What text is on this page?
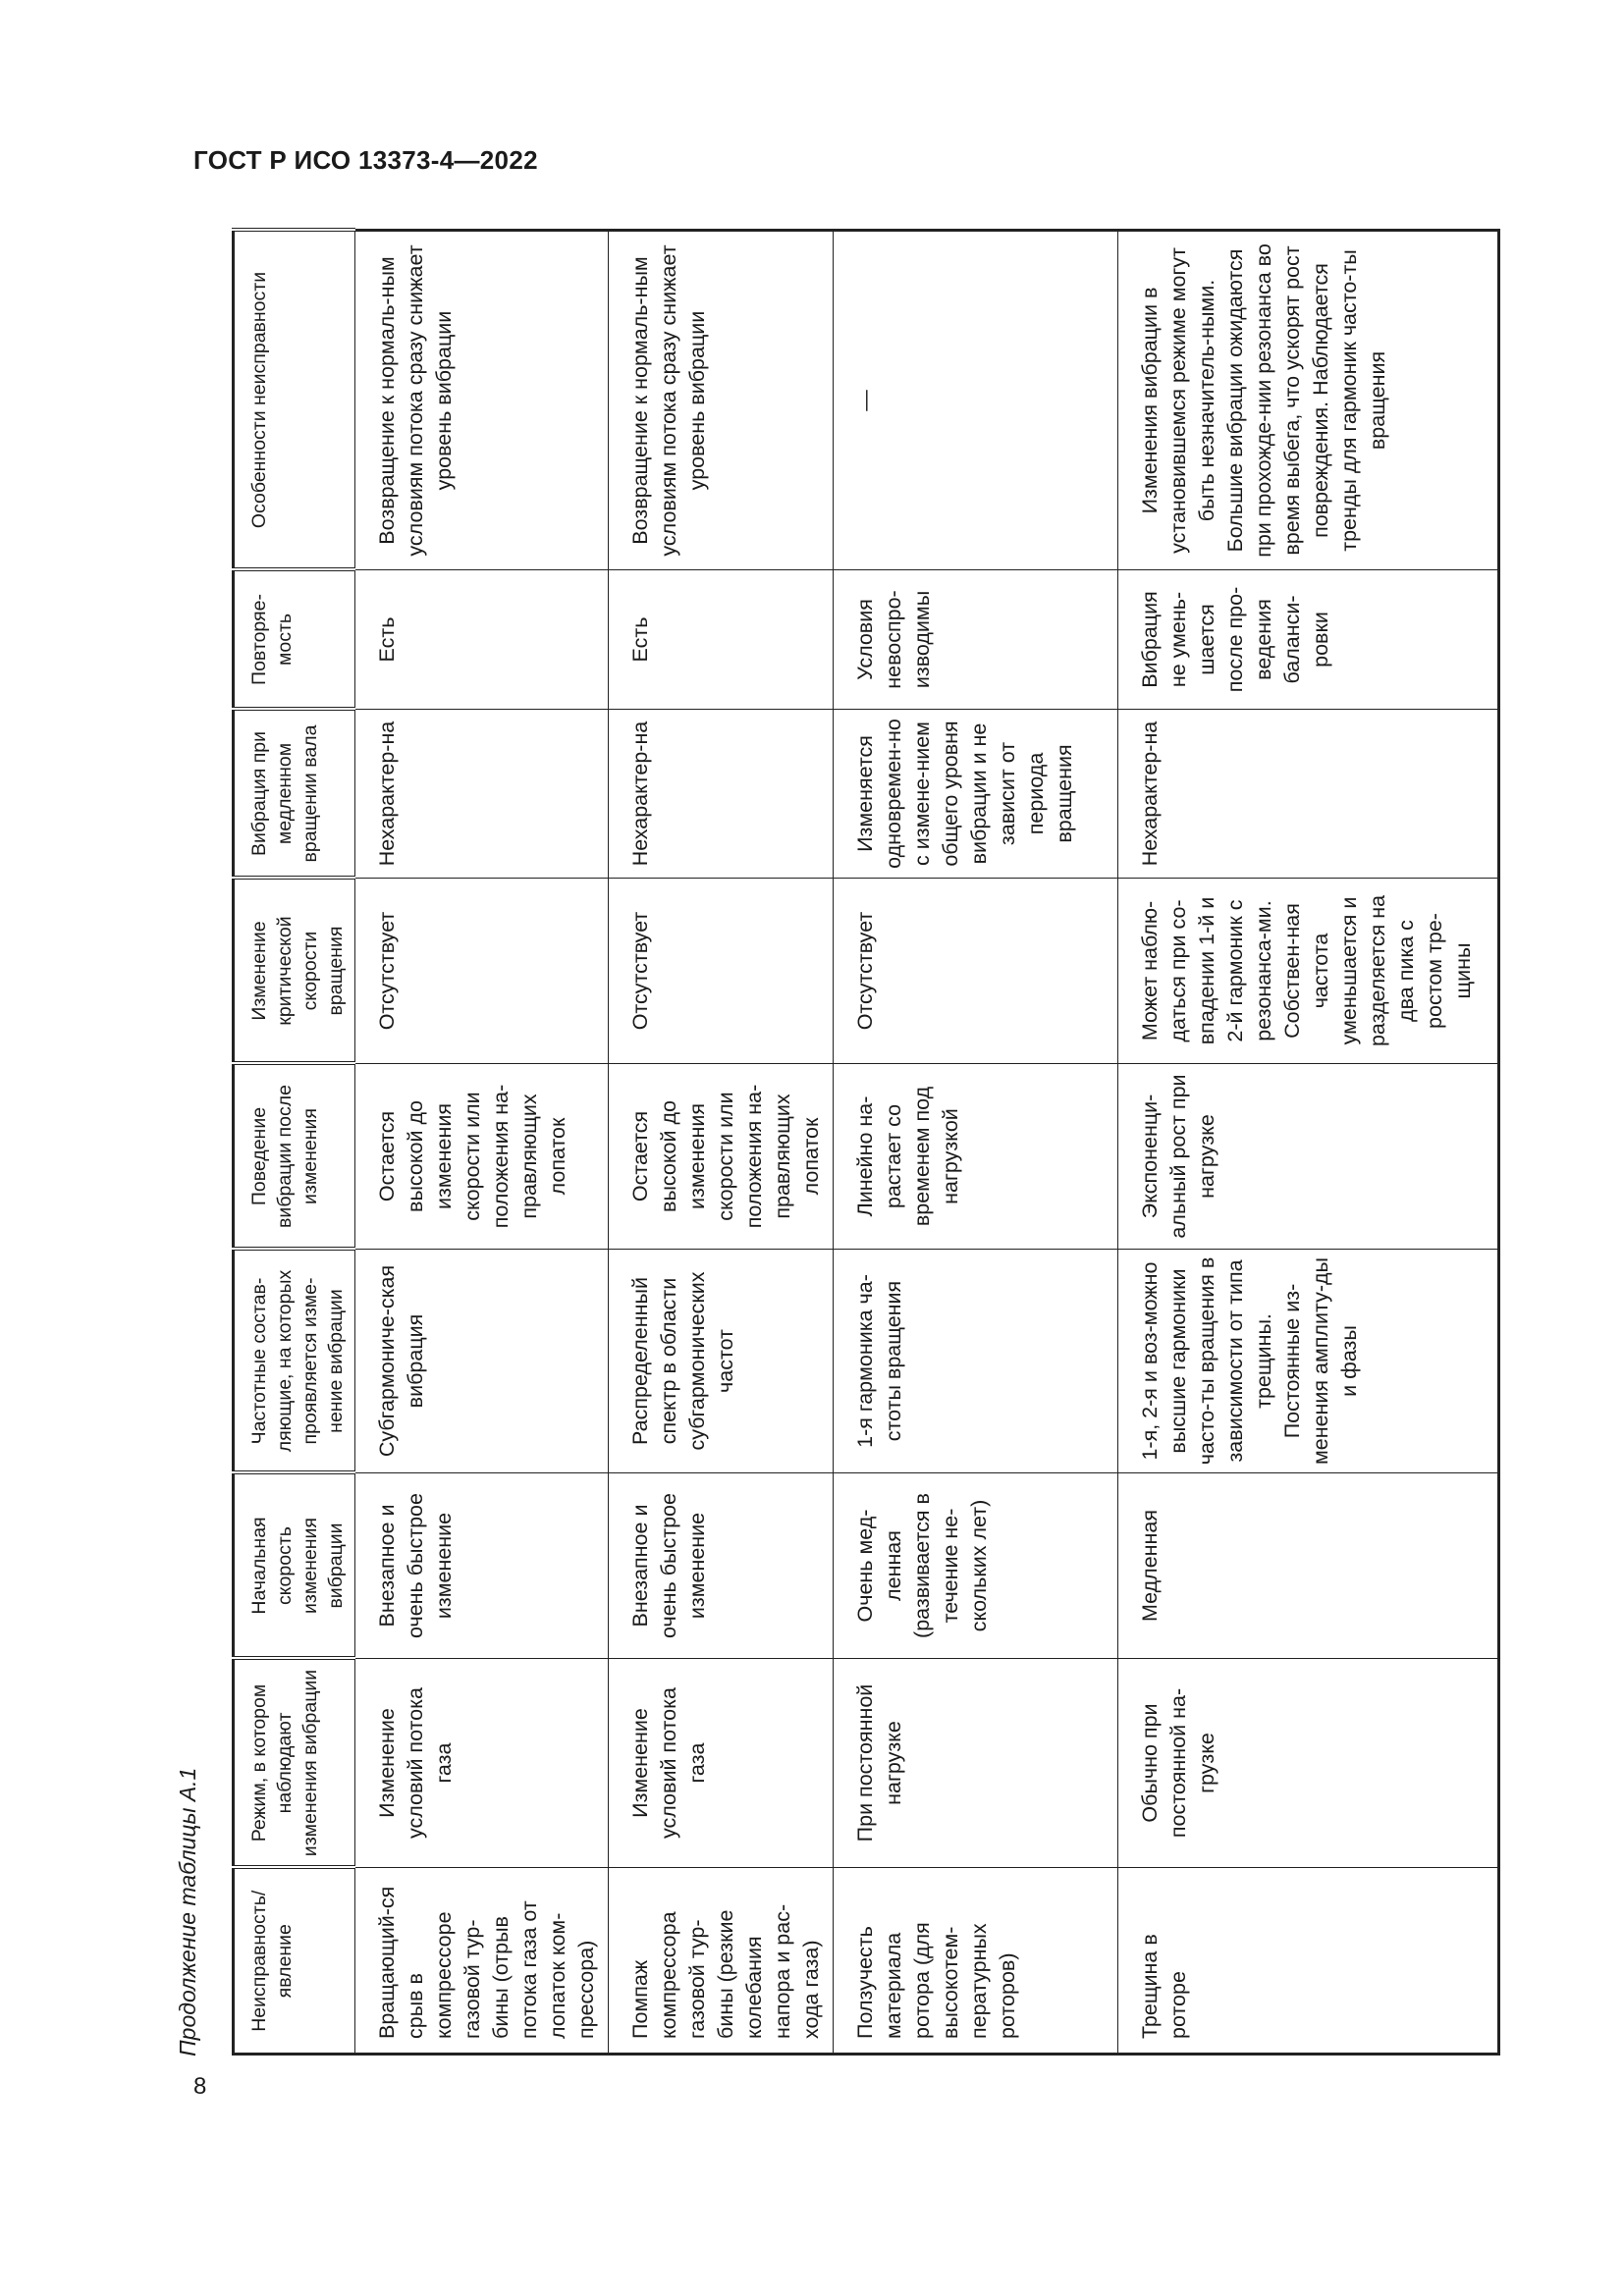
ГОСТ Р ИСО 13373-4—2022
Продолжение таблицы А.1
8
Неисправность/ явление	Режим, в котором наблюдают изменения вибрации	Начальная скорость изменения вибрации	Частотные состав-ляющие, на которых проявляется изме-нение вибрации	Поведение вибрации после изменения	Изменение критической скорости вращения	Вибрация при медленном вращении вала	Повторяе-мость	Особенности неисправности
Вращающий-ся срыв в компрессоре газовой тур-бины (отрыв потока газа от лопаток ком-прессора)	Изменение условий потока газа	Внезапное и очень быстрое изменение	Субгармониче-ская вибрация	Остается высокой до изменения скорости или положения на-правляющих лопаток	Отсутствует	Нехарактер-на	Есть	Возвращение к нормаль-ным условиям потока сразу снижает уровень вибрации
Помпаж компрессора газовой тур-бины (резкие колебания напора и рас-хода газа)	Изменение условий потока газа	Внезапное и очень быстрое изменение	Распределенный спектр в области субгармонических частот	Остается высокой до изменения скорости или положения на-правляющих лопаток	Отсутствует	Нехарактер-на	Есть	Возвращение к нормаль-ным условиям потока сразу снижает уровень вибрации
Ползучесть материала ротора (для высокотем-пературных роторов)	При постоянной нагрузке	Очень мед-ленная (развивается в течение не-скольких лет)	1-я гармоника ча-стоты вращения	Линейно на-растает со временем под нагрузкой	Отсутствует	Изменяется одновремен-но с измене-нием общего уровня вибрации и не зависит от периода вращения	Условия невоспро-изводимы	—
Трещина в роторе	Обычно при постоянной на-грузке	Медленная	1-я, 2-я и воз-можно высшие гармоники часто-ты вращения в зависимости от типа трещины. Постоянные из-менения амплиту-ды и фазы	Экспоненци-альный рост при нагрузке	Может наблю-даться при со-впадении 1-й и 2-й гармоник с резонанса-ми. Собствен-ная частота уменьшается и разделяется на два пика с ростом тре-щины	Нехарактер-на	Вибрация не умень-шается после про-ведения баланси-ровки	Изменения вибрации в установившемся режиме могут быть незначитель-ными. Большие вибрации ожидаются при прохожде-нии резонанса во время выбега, что ускорят рост повреждения. Наблюдается тренды для гармоник часто-ты вращения
